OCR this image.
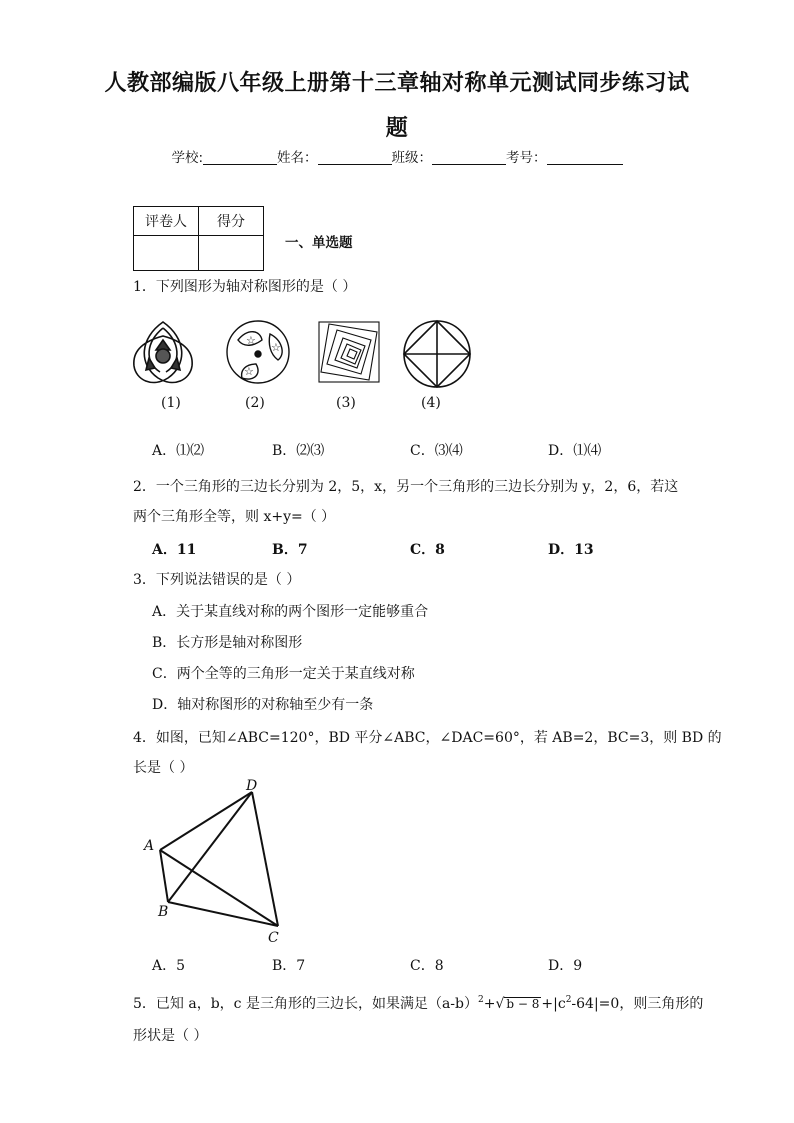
人教部编版八年级上册第十三章轴对称单元测试同步练习试
题
学校:	姓名：	班级：	考号：
评卷人	得分

一、单选题
1．下列图形为轴对称图形的是（ ）
☆
☆
☆
(1)	(2)	(3)	(4)
A．⑴⑵	B．⑵⑶	C．⑶⑷	D．⑴⑷
2．一个三角形的三边长分别为 2，5，x，另一个三角形的三边长分别为 y，2，6，若这
两个三角形全等，则 x+y=（ ）
A．11	B．7	C．8	D．13
3．下列说法错误的是（ ）
A．关于某直线对称的两个图形一定能够重合
B．长方形是轴对称图形
C．两个全等的三角形一定关于某直线对称
D．轴对称图形的对称轴至少有一条
4．如图，已知∠ABC=120°，BD 平分∠ABC，∠DAC=60°，若 AB=2，BC=3，则 BD 的
长是（ ）
A
B
C
D
A．5	B．7	C．8	D．9
5．已知 a，b，c 是三角形的三边长，如果满足$(a-b)^2+√$ $b - 8 +|c^2-64|=0$，则三角形的
形状是（ ）
